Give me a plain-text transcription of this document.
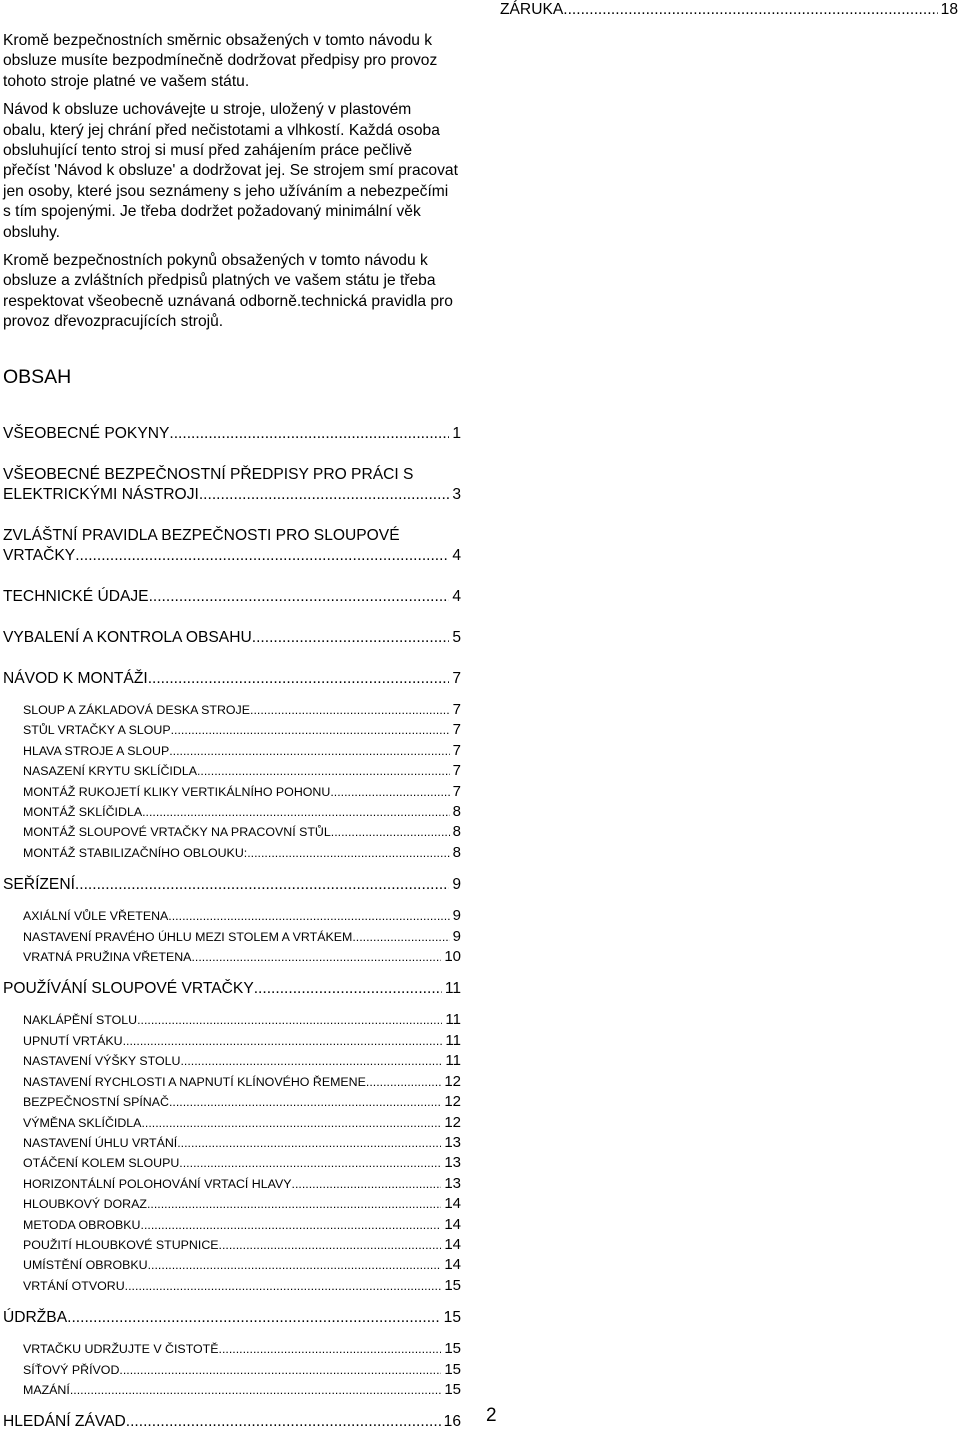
Kromě bezpečnostních směrnic obsažených v tomto návodu k obsluze musíte bezpodmínečně dodržovat předpisy pro provoz tohoto stroje platné ve vašem státu.

Návod k obsluze uchovávejte u stroje, uložený v plastovém obalu, který jej chrání před nečistotami a vlhkostí. Každá osoba obsluhující tento stroj si musí před zahájením práce pečlivě přečíst 'Návod k obsluze' a dodržovat jej. Se strojem smí pracovat jen osoby, které jsou seznámeny s jeho užíváním a nebezpečími s tím spojenými. Je třeba dodržet požadovaný minimální věk obsluhy.

Kromě bezpečnostních pokynů obsažených v tomto návodu k obsluze a zvláštních předpisů platných ve vašem státu je třeba respektovat všeobecně uznávaná odborně.technická pravidla pro provoz dřevozpracujících strojů.

OBSAH
VŠEOBECNÉ POKYNY .....	1
VŠEOBECNÉ BEZPEČNOSTNÍ PŘEDPISY PRO PRÁCI S
ELEKTRICKÝMI NÁSTROJI .....	3
ZVLÁŠTNÍ PRAVIDLA BEZPEČNOSTI PRO SLOUPOVÉ
VRTAČKY .....	4
TECHNICKÉ ÚDAJE .....	4
VYBALENÍ A KONTROLA OBSAHU .....	5
NÁVOD K MONTÁŽI .....	7
SLOUP A ZÁKLADOVÁ DESKA STROJE .....	7
STŮL VRTAČKY A SLOUP .....	7
HLAVA STROJE A SLOUP .....	7
NASAZENÍ KRYTU SKLÍČIDLA .....	7
MONTÁŽ RUKOJETÍ KLIKY VERTIKÁLNÍHO POHONU .....	7
MONTÁŽ SKLÍČIDLA .....	8
MONTÁŽ SLOUPOVÉ VRTAČKY NA PRACOVNÍ STŮL .....	8
MONTÁŽ STABILIZAČNÍHO OBLOUKU: .....	8
SEŘÍZENÍ .....	9
AXIÁLNÍ VŮLE VŘETENA .....	9
NASTAVENÍ PRAVÉHO ÚHLU MEZI STOLEM A VRTÁKEM .....	9
VRATNÁ PRUŽINA VŘETENA .....	10
POUŽÍVÁNÍ SLOUPOVÉ VRTAČKY .....	11
NAKLÁPĚNÍ STOLU .....	11
UPNUTÍ VRTÁKU .....	11
NASTAVENÍ VÝŠKY STOLU .....	11
NASTAVENÍ RYCHLOSTI A NAPNUTÍ KLÍNOVÉHO ŘEMENE .....	12
BEZPEČNOSTNÍ SPÍNAČ .....	12
VÝMĚNA SKLÍČIDLA .....	12
NASTAVENÍ ÚHLU VRTÁNÍ .....	13
OTÁČENÍ KOLEM SLOUPU .....	13
HORIZONTÁLNÍ POLOHOVÁNÍ VRTACÍ HLAVY .....	13
HLOUBKOVÝ DORAZ .....	14
METODA OBROBKU .....	14
POUŽITÍ HLOUBKOVÉ STUPNICE .....	14
UMÍSTĚNÍ OBROBKU .....	14
VRTÁNÍ OTVORU .....	15
ÚDRŽBA .....	15
VRTAČKU UDRŽUJTE V ČISTOTĚ .....	15
SÍŤOVÝ PŘÍVOD .....	15
MAZÁNÍ .....	15
HLEDÁNÍ ZÁVAD .....	16
ZÁRUKA .....	18
2
